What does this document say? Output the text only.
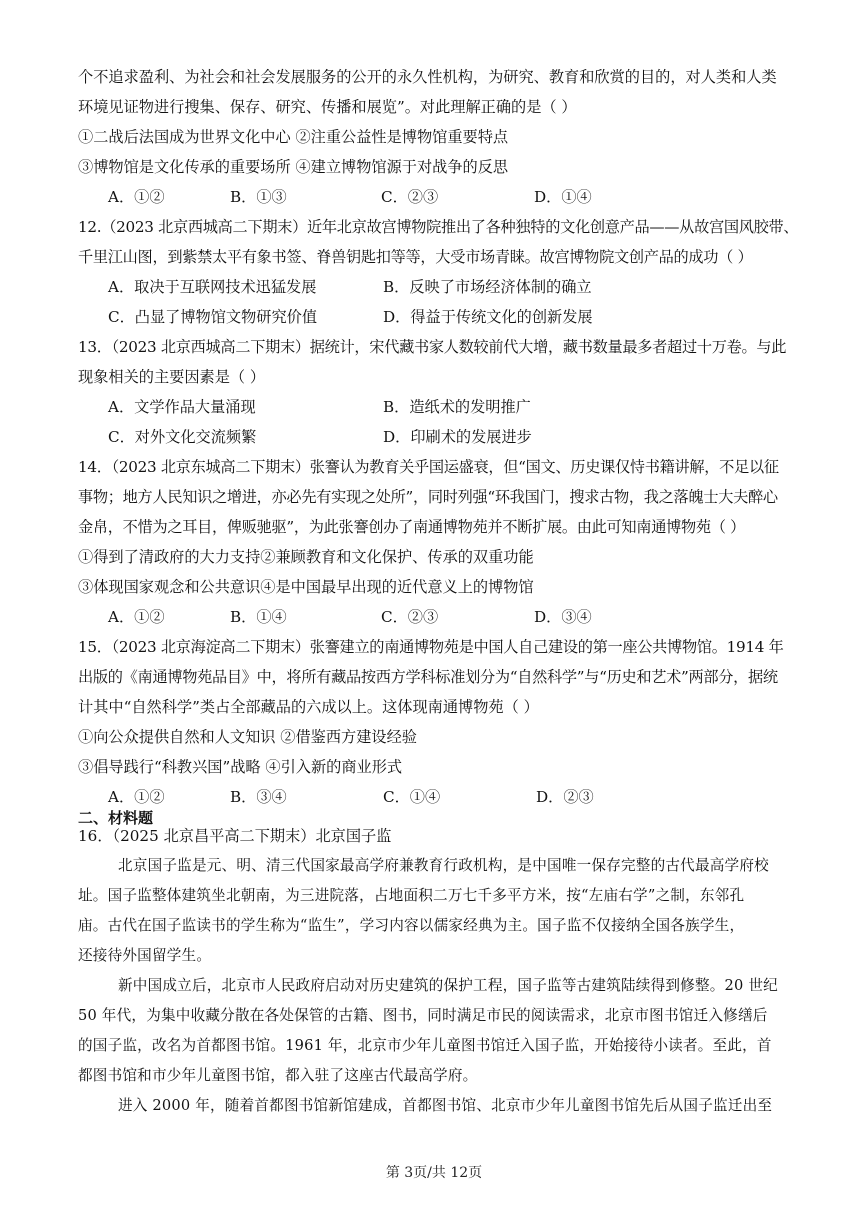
个不追求盈利、为社会和社会发展服务的公开的永久性机构，为研究、教育和欣赏的目的，对人类和人类
环境见证物进行搜集、保存、研究、传播和展览”。对此理解正确的是（ ）
①二战后法国成为世界文化中心 ②注重公益性是博物馆重要特点
③博物馆是文化传承的重要场所 ④建立博物馆源于对战争的反思
A．①②	B．①③	C．②③	D．①④
12.（2023 北京西城高二下期末）近年北京故宫博物院推出了各种独特的文化创意产品——从故宫国风胶带、
千里江山图，到紫禁太平有象书签、脊兽钥匙扣等等，大受市场青睐。故宫博物院文创产品的成功（ ）
A．取决于互联网技术迅猛发展	B．反映了市场经济体制的确立
C．凸显了博物馆文物研究价值	D．得益于传统文化的创新发展
13．（2023 北京西城高二下期末）据统计，宋代藏书家人数较前代大增，藏书数量最多者超过十万卷。与此
现象相关的主要因素是（ ）
A．文学作品大量涌现	B．造纸术的发明推广
C．对外文化交流频繁	D．印刷术的发展进步
14．（2023 北京东城高二下期末）张謇认为教育关乎国运盛衰，但“国文、历史课仅恃书籍讲解，不足以征
事物；地方人民知识之增进，亦必先有实现之处所”，同时列强“环我国门，搜求古物，我之落魄士大夫醉心
金帛，不惜为之耳目，俾贩驰驱”，为此张謇创办了南通博物苑并不断扩展。由此可知南通博物苑（ ）
①得到了清政府的大力支持②兼顾教育和文化保护、传承的双重功能
③体现国家观念和公共意识④是中国最早出现的近代意义上的博物馆
A．①②	B．①④	C．②③	D．③④
15．（2023 北京海淀高二下期末）张謇建立的南通博物苑是中国人自己建设的第一座公共博物馆。1914 年
出版的《南通博物苑品目》中，将所有藏品按西方学科标准划分为“自然科学”与“历史和艺术”两部分，据统
计其中“自然科学”类占全部藏品的六成以上。这体现南通博物苑（ ）
①向公众提供自然和人文知识 ②借鉴西方建设经验
③倡导践行“科教兴国”战略 ④引入新的商业形式
A．①②	B．③④	C．①④	D．②③
二、材料题
16．（2025 北京昌平高二下期末）北京国子监
北京国子监是元、明、清三代国家最高学府兼教育行政机构，是中国唯一保存完整的古代最高学府校
址。国子监整体建筑坐北朝南，为三进院落，占地面积二万七千多平方米，按“左庙右学”之制，东邻孔
庙。古代在国子监读书的学生称为“监生”，学习内容以儒家经典为主。国子监不仅接纳全国各族学生，
还接待外国留学生。
新中国成立后，北京市人民政府启动对历史建筑的保护工程，国子监等古建筑陆续得到修整。20 世纪
50 年代，为集中收藏分散在各处保管的古籍、图书，同时满足市民的阅读需求，北京市图书馆迁入修缮后
的国子监，改名为首都图书馆。1961 年，北京市少年儿童图书馆迁入国子监，开始接待小读者。至此，首
都图书馆和市少年儿童图书馆，都入驻了这座古代最高学府。
进入 2000 年，随着首都图书馆新馆建成，首都图书馆、北京市少年儿童图书馆先后从国子监迁出至
第 3页/共 12页
